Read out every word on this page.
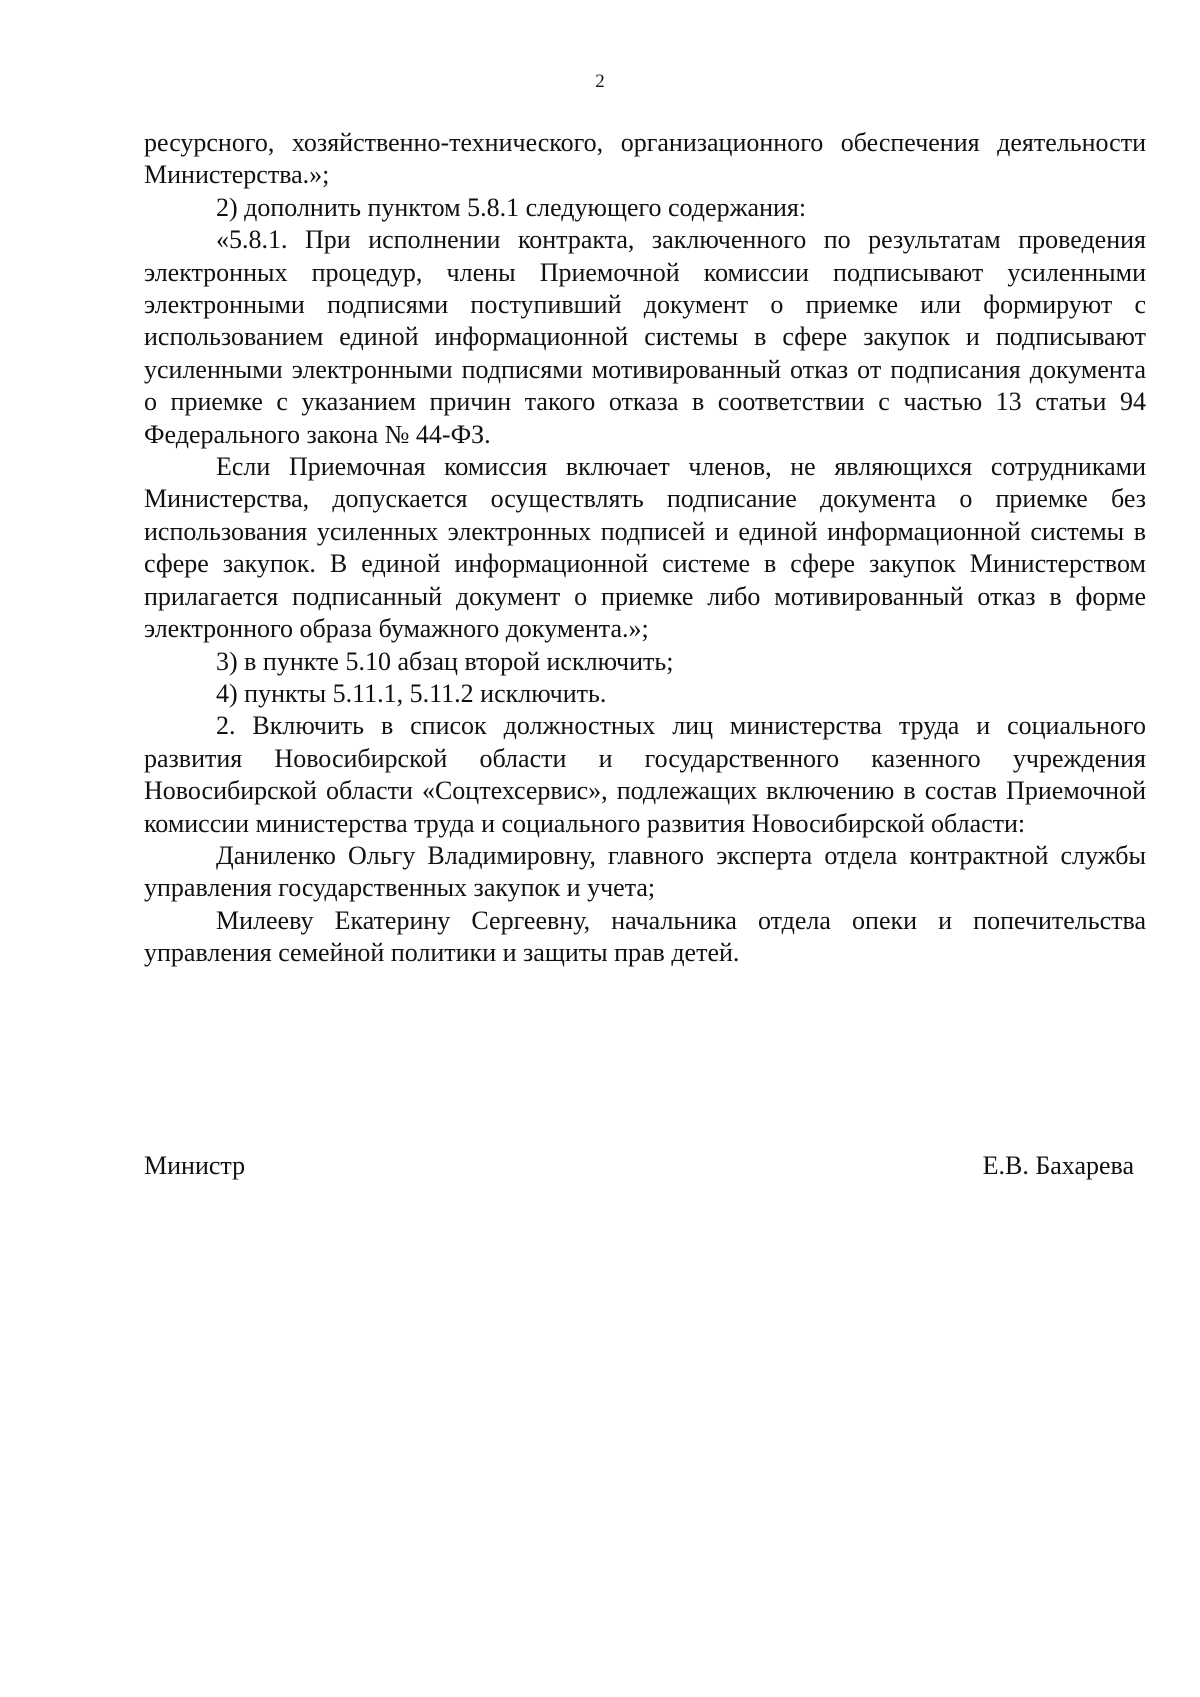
2

ресурсного, хозяйственно-технического, организационного обеспечения деятельности Министерства.»;

2) дополнить пунктом 5.8.1 следующего содержания:

«5.8.1. При исполнении контракта, заключенного по результатам проведения электронных процедур, члены Приемочной комиссии подписывают усиленными электронными подписями поступивший документ о приемке или формируют с использованием единой информационной системы в сфере закупок и подписывают усиленными электронными подписями мотивированный отказ от подписания документа о приемке с указанием причин такого отказа в соответствии с частью 13 статьи 94 Федерального закона № 44-ФЗ.

Если Приемочная комиссия включает членов, не являющихся сотрудниками Министерства, допускается осуществлять подписание документа о приемке без использования усиленных электронных подписей и единой информационной системы в сфере закупок. В единой информационной системе в сфере закупок Министерством прилагается подписанный документ о приемке либо мотивированный отказ в форме электронного образа бумажного документа.»;

3) в пункте 5.10 абзац второй исключить;

4) пункты 5.11.1, 5.11.2 исключить.

2. Включить в список должностных лиц министерства труда и социального развития Новосибирской области и государственного казенного учреждения Новосибирской области «Соцтехсервис», подлежащих включению в состав Приемочной комиссии министерства труда и социального развития Новосибирской области:

Даниленко Ольгу Владимировну, главного эксперта отдела контрактной службы управления государственных закупок и учета;

Милееву Екатерину Сергеевну, начальника отдела опеки и попечительства управления семейной политики и защиты прав детей.

Министр	Е.В. Бахарева
